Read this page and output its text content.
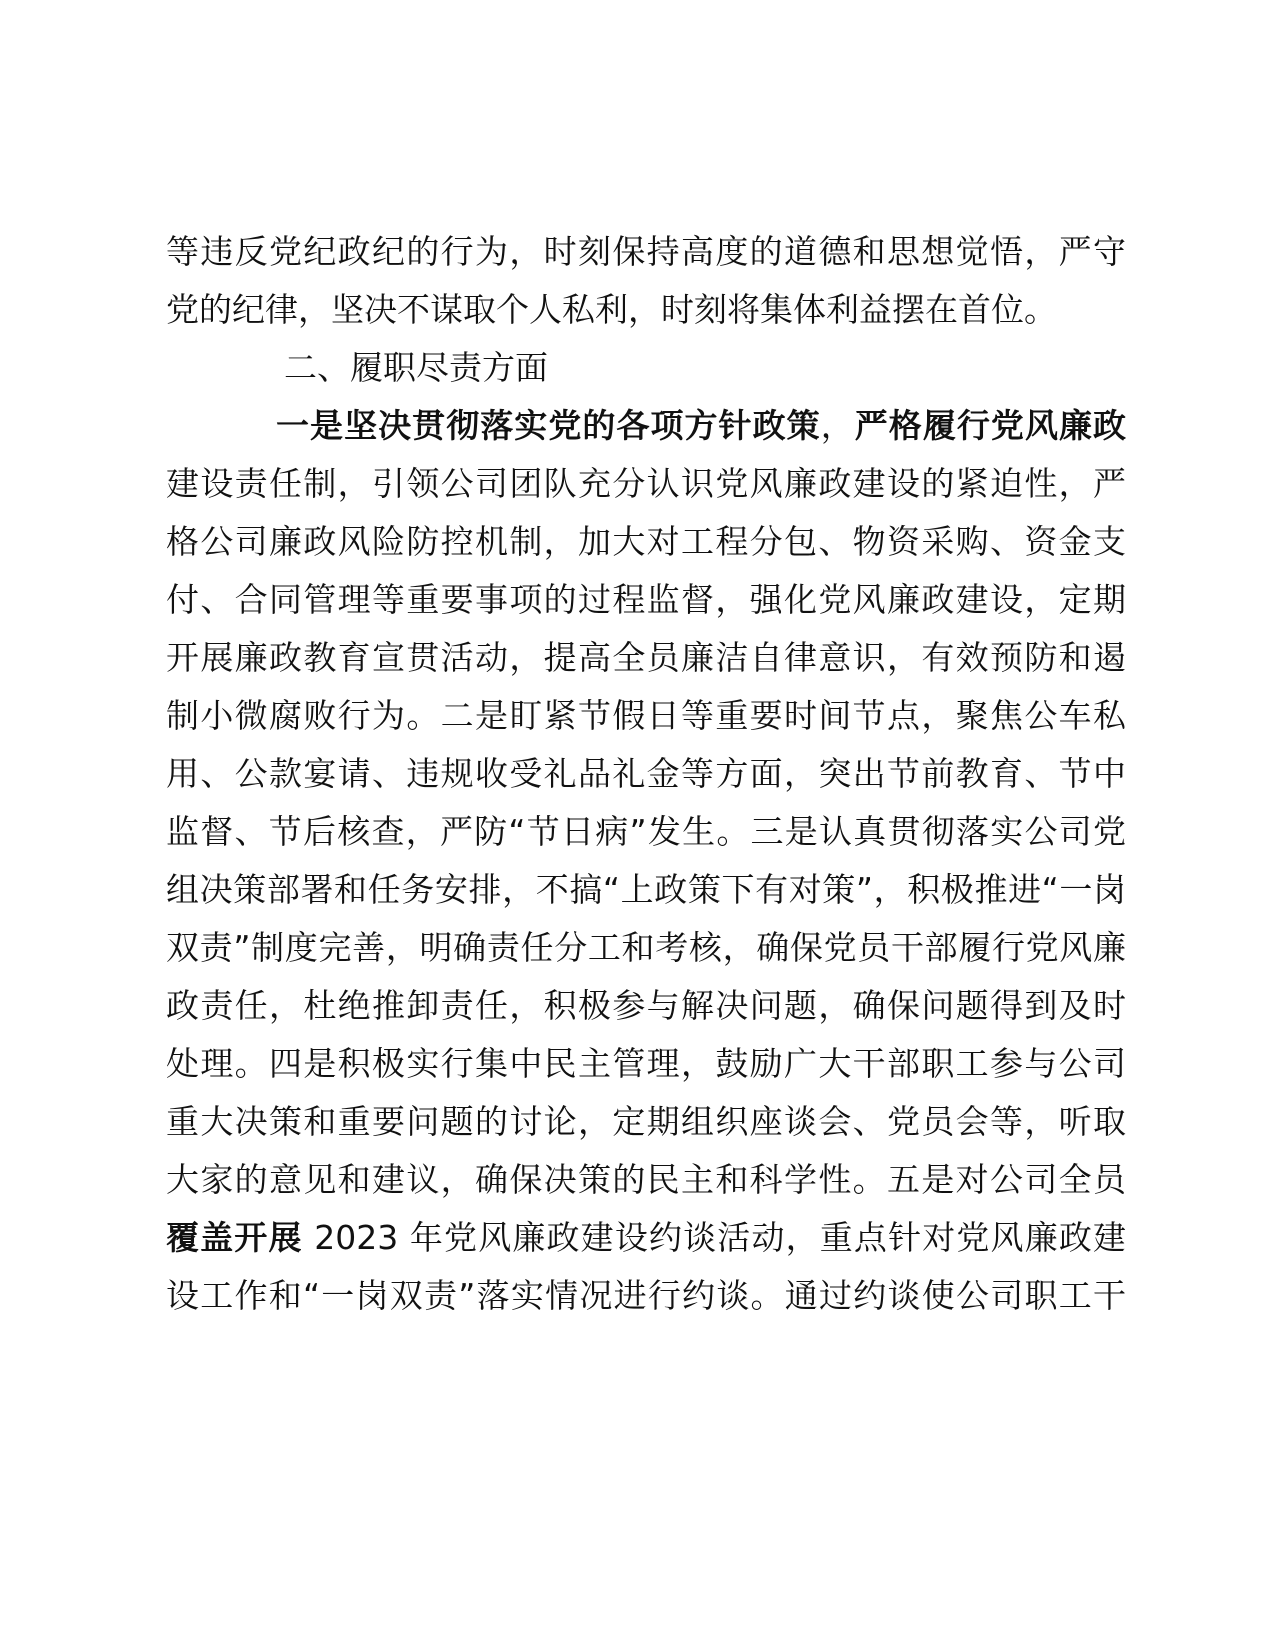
等违反党纪政纪的行为，时刻保持高度的道德和思想觉悟，严守
党的纪律，坚决不谋取个人私利，时刻将集体利益摆在首位。
二、履职尽责方面
一是坚决贯彻落实党的各项方针政策，严格履行党风廉政
建设责任制，引领公司团队充分认识党风廉政建设的紧迫性，严
格公司廉政风险防控机制，加大对工程分包、物资采购、资金支
付、合同管理等重要事项的过程监督，强化党风廉政建设，定期
开展廉政教育宣贯活动，提高全员廉洁自律意识，有效预防和遏
制小微腐败行为。二是盯紧节假日等重要时间节点，聚焦公车私
用、公款宴请、违规收受礼品礼金等方面，突出节前教育、节中
监督、节后核查，严防“节日病”发生。三是认真贯彻落实公司党
组决策部署和任务安排，不搞“上政策下有对策”，积极推进“一岗
双责”制度完善，明确责任分工和考核，确保党员干部履行党风廉
政责任，杜绝推卸责任，积极参与解决问题，确保问题得到及时
处理。四是积极实行集中民主管理，鼓励广大干部职工参与公司
重大决策和重要问题的讨论，定期组织座谈会、党员会等，听取
大家的意见和建议，确保决策的民主和科学性。五是对公司全员
覆盖开展 2023 年党风廉政建设约谈活动，重点针对党风廉政建
设工作和“一岗双责”落实情况进行约谈。通过约谈使公司职工干
